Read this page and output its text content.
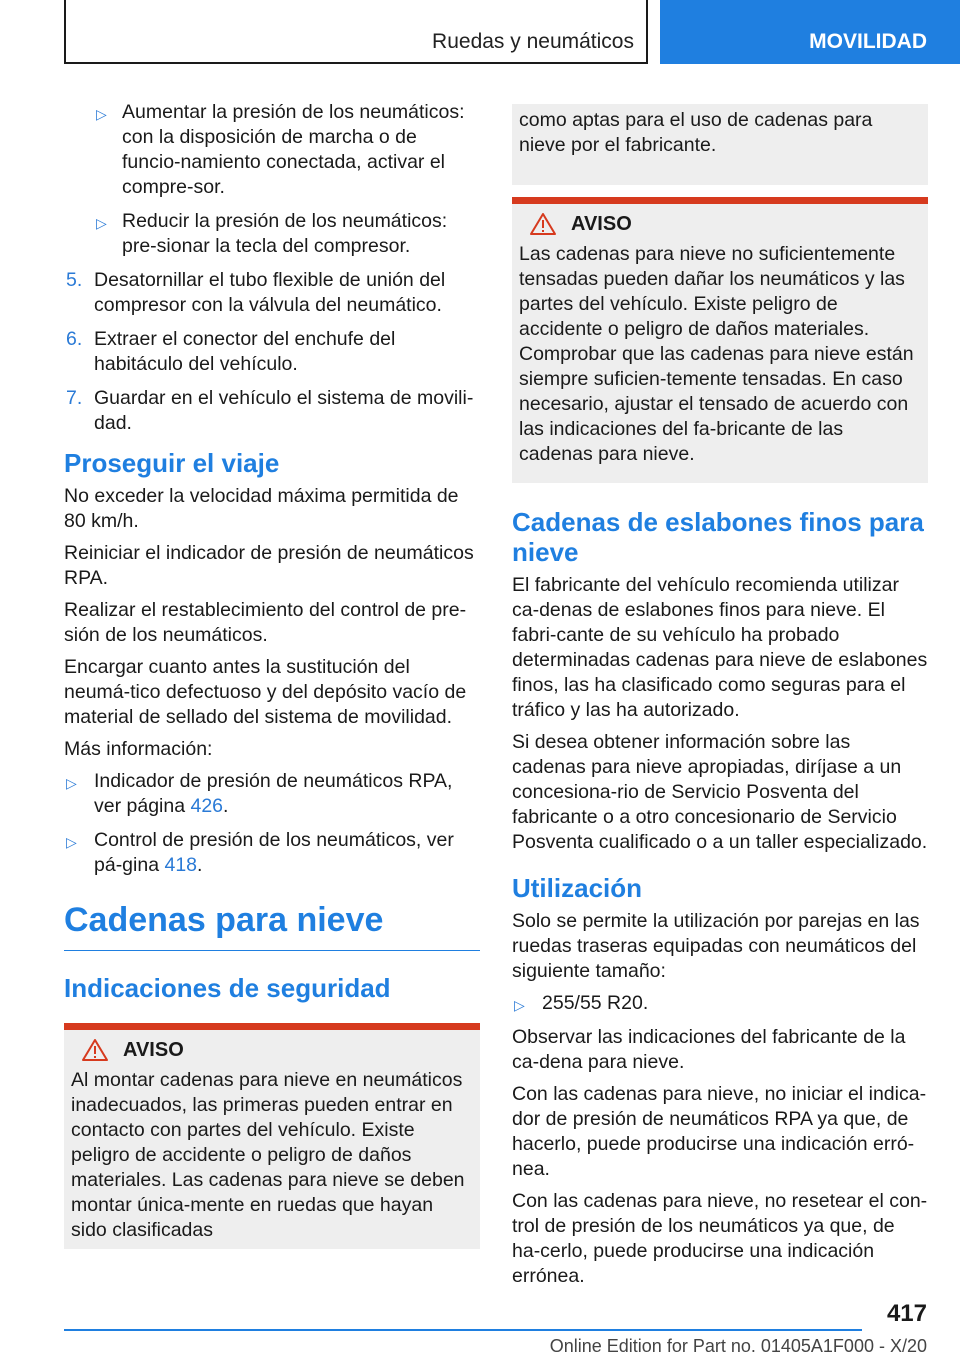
Ruedas y neumáticos	MOVILIDAD
▷ Aumentar la presión de los neumáticos: con la disposición de marcha o de funcio-namiento conectada, activar el compre-sor.
▷ Reducir la presión de los neumáticos: pre-sionar la tecla del compresor.
5. Desatornillar el tubo flexible de unión del compresor con la válvula del neumático.
6. Extraer el conector del enchufe del habitáculo del vehículo.
7. Guardar en el vehículo el sistema de movili-dad.
Proseguir el viaje

No exceder la velocidad máxima permitida de 80 km/h.

Reiniciar el indicador de presión de neumáticos RPA.

Realizar el restablecimiento del control de pre-sión de los neumáticos.

Encargar cuanto antes la sustitución del neumá-tico defectuoso y del depósito vacío de material de sellado del sistema de movilidad.

Más información:

▷ Indicador de presión de neumáticos RPA, ver página 426.
▷ Control de presión de los neumáticos, ver pá-gina 418.
Cadenas para nieve
Indicaciones de seguridad
AVISO

Al montar cadenas para nieve en neumáticos inadecuados, las primeras pueden entrar en contacto con partes del vehículo. Existe peligro de accidente o peligro de daños materiales. Las cadenas para nieve se deben montar única-mente en ruedas que hayan sido clasificadas

como aptas para el uso de cadenas para nieve por el fabricante.

AVISO

Las cadenas para nieve no suficientemente tensadas pueden dañar los neumáticos y las partes del vehículo. Existe peligro de accidente o peligro de daños materiales. Comprobar que las cadenas para nieve están siempre suficien-temente tensadas. En caso necesario, ajustar el tensado de acuerdo con las indicaciones del fa-bricante de las cadenas para nieve.

Cadenas de eslabones finos para nieve

El fabricante del vehículo recomienda utilizar ca-denas de eslabones finos para nieve. El fabri-cante de su vehículo ha probado determinadas cadenas para nieve de eslabones finos, las ha clasificado como seguras para el tráfico y las ha autorizado.

Si desea obtener información sobre las cadenas para nieve apropiadas, diríjase a un concesiona-rio de Servicio Posventa del fabricante o a otro concesionario de Servicio Posventa cualificado o a un taller especializado.

Utilización

Solo se permite la utilización por parejas en las ruedas traseras equipadas con neumáticos del siguiente tamaño:

▷ 255/55 R20.

Observar las indicaciones del fabricante de la ca-dena para nieve.

Con las cadenas para nieve, no iniciar el indica-dor de presión de neumáticos RPA ya que, de hacerlo, puede producirse una indicación erró-nea.

Con las cadenas para nieve, no resetear el con-trol de presión de los neumáticos ya que, de ha-cerlo, puede producirse una indicación errónea.

417
Online Edition for Part no. 01405A1F000 - X/20
